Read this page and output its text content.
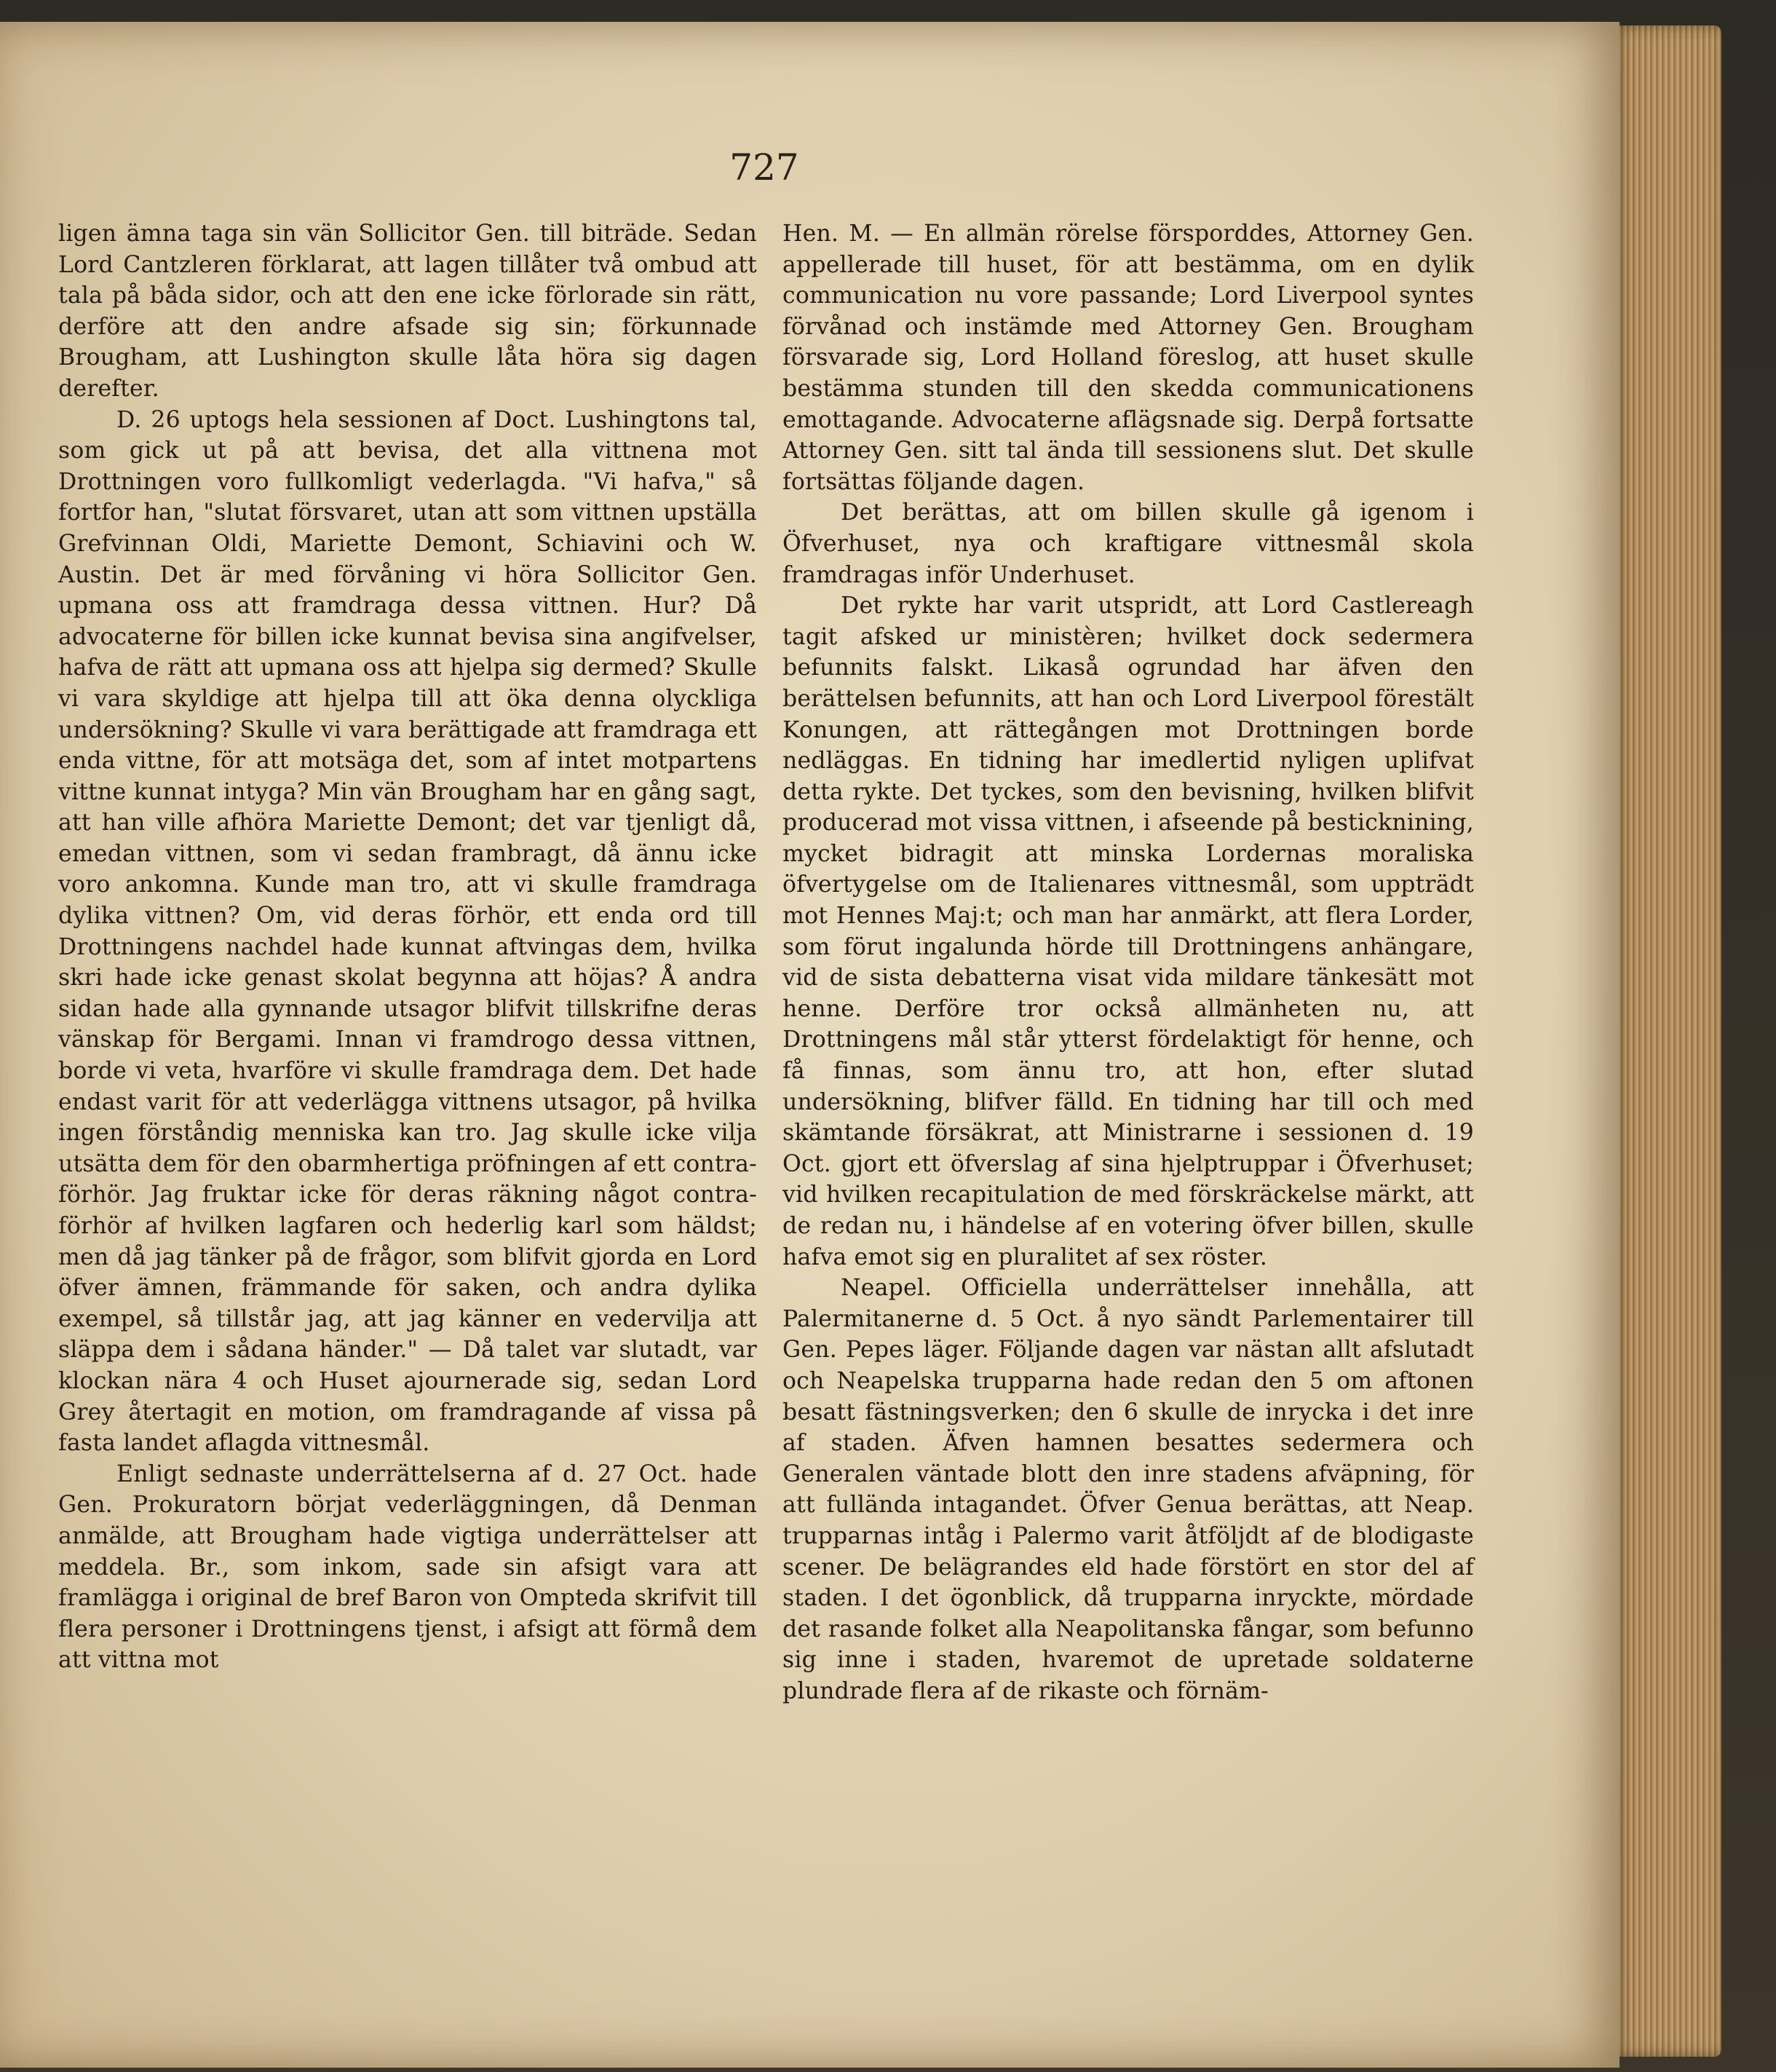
727

ligen ämna taga sin vän Sollicitor Gen. till biträde. Sedan Lord Cantzleren förklarat, att lagen tillåter två ombud att tala på båda sidor, och att den ene icke förlorade sin rätt, derföre att den andre afsade sig sin; förkunnade Brougham, att Lushington skulle låta höra sig dagen derefter.

D. 26 uptogs hela sessionen af Doct. Lushingtons tal, som gick ut på att bevisa, det alla vittnena mot Drottningen voro fullkomligt vederlagda. "Vi hafva," så fortfor han, "slutat försvaret, utan att som vittnen upställa Grefvinnan Oldi, Mariette Demont, Schiavini och W. Austin. Det är med förvåning vi höra Sollicitor Gen. upmana oss att framdraga dessa vittnen. Hur? Då advocaterne för billen icke kunnat bevisa sina angifvelser, hafva de rätt att upmana oss att hjelpa sig dermed? Skulle vi vara skyldige att hjelpa till att öka denna olyckliga undersökning? Skulle vi vara berättigade att framdraga ett enda vittne, för att motsäga det, som af intet motpartens vittne kunnat intyga? Min vän Brougham har en gång sagt, att han ville afhöra Mariette Demont; det var tjenligt då, emedan vittnen, som vi sedan frambragt, då ännu icke voro ankomna. Kunde man tro, att vi skulle framdraga dylika vittnen? Om, vid deras förhör, ett enda ord till Drottningens nachdel hade kunnat aftvingas dem, hvilka skri hade icke genast skolat begynna att höjas? Å andra sidan hade alla gynnande utsagor blifvit tillskrifne deras vänskap för Bergami. Innan vi framdrogo dessa vittnen, borde vi veta, hvarföre vi skulle framdraga dem. Det hade endast varit för att vederlägga vittnens utsagor, på hvilka ingen förståndig menniska kan tro. Jag skulle icke vilja utsätta dem för den obarmhertiga pröfningen af ett contra-förhör. Jag fruktar icke för deras räkning något contra-förhör af hvilken lagfaren och hederlig karl som häldst; men då jag tänker på de frågor, som blifvit gjorda en Lord öfver ämnen, främmande för saken, och andra dylika exempel, så tillstår jag, att jag känner en vedervilja att släppa dem i sådana händer." — Då talet var slutadt, var klockan nära 4 och Huset ajournerade sig, sedan Lord Grey återtagit en motion, om framdragande af vissa på fasta landet aflagda vittnesmål.

Enligt sednaste underrättelserna af d. 27 Oct. hade Gen. Prokuratorn börjat vederläggningen, då Denman anmälde, att Brougham hade vigtiga underrättelser att meddela. Br., som inkom, sade sin afsigt vara att framlägga i original de bref Baron von Ompteda skrifvit till flera personer i Drottningens tjenst, i afsigt att förmå dem att vittna mot

Hen. M. — En allmän rörelse försporddes, Attorney Gen. appellerade till huset, för att bestämma, om en dylik communication nu vore passande; Lord Liverpool syntes förvånad och instämde med Attorney Gen. Brougham försvarade sig, Lord Holland föreslog, att huset skulle bestämma stunden till den skedda communicationens emottagande. Advocaterne aflägsnade sig. Derpå fortsatte Attorney Gen. sitt tal ända till sessionens slut. Det skulle fortsättas följande dagen.

Det berättas, att om billen skulle gå igenom i Öfverhuset, nya och kraftigare vittnesmål skola framdragas inför Underhuset.

Det rykte har varit utspridt, att Lord Castlereagh tagit afsked ur ministèren; hvilket dock sedermera befunnits falskt. Likaså ogrundad har äfven den berättelsen befunnits, att han och Lord Liverpool förestält Konungen, att rättegången mot Drottningen borde nedläggas. En tidning har imedlertid nyligen uplifvat detta rykte. Det tyckes, som den bevisning, hvilken blifvit producerad mot vissa vittnen, i afseende på besticknining, mycket bidragit att minska Lordernas moraliska öfvertygelse om de Italienares vittnesmål, som uppträdt mot Hennes Maj:t; och man har anmärkt, att flera Lorder, som förut ingalunda hörde till Drottningens anhängare, vid de sista debatterna visat vida mildare tänkesätt mot henne. Derföre tror också allmänheten nu, att Drottningens mål står ytterst fördelaktigt för henne, och få finnas, som ännu tro, att hon, efter slutad undersökning, blifver fälld. En tidning har till och med skämtande försäkrat, att Ministrarne i sessionen d. 19 Oct. gjort ett öfverslag af sina hjelptruppar i Öfverhuset; vid hvilken recapitulation de med förskräckelse märkt, att de redan nu, i händelse af en votering öfver billen, skulle hafva emot sig en pluralitet af sex röster.

Neapel. Officiella underrättelser innehålla, att Palermitanerne d. 5 Oct. å nyo sändt Parlementairer till Gen. Pepes läger. Följande dagen var nästan allt afslutadt och Neapelska trupparna hade redan den 5 om aftonen besatt fästningsverken; den 6 skulle de inrycka i det inre af staden. Äfven hamnen besattes sedermera och Generalen väntade blott den inre stadens afväpning, för att fullända intagandet. Öfver Genua berättas, att Neap. trupparnas intåg i Palermo varit åtföljdt af de blodigaste scener. De belägrandes eld hade förstört en stor del af staden. I det ögonblick, då trupparna inryckte, mördade det rasande folket alla Neapolitanska fångar, som befunno sig inne i staden, hvaremot de upretade soldaterne plundrade flera af de rikaste och förnäm-
